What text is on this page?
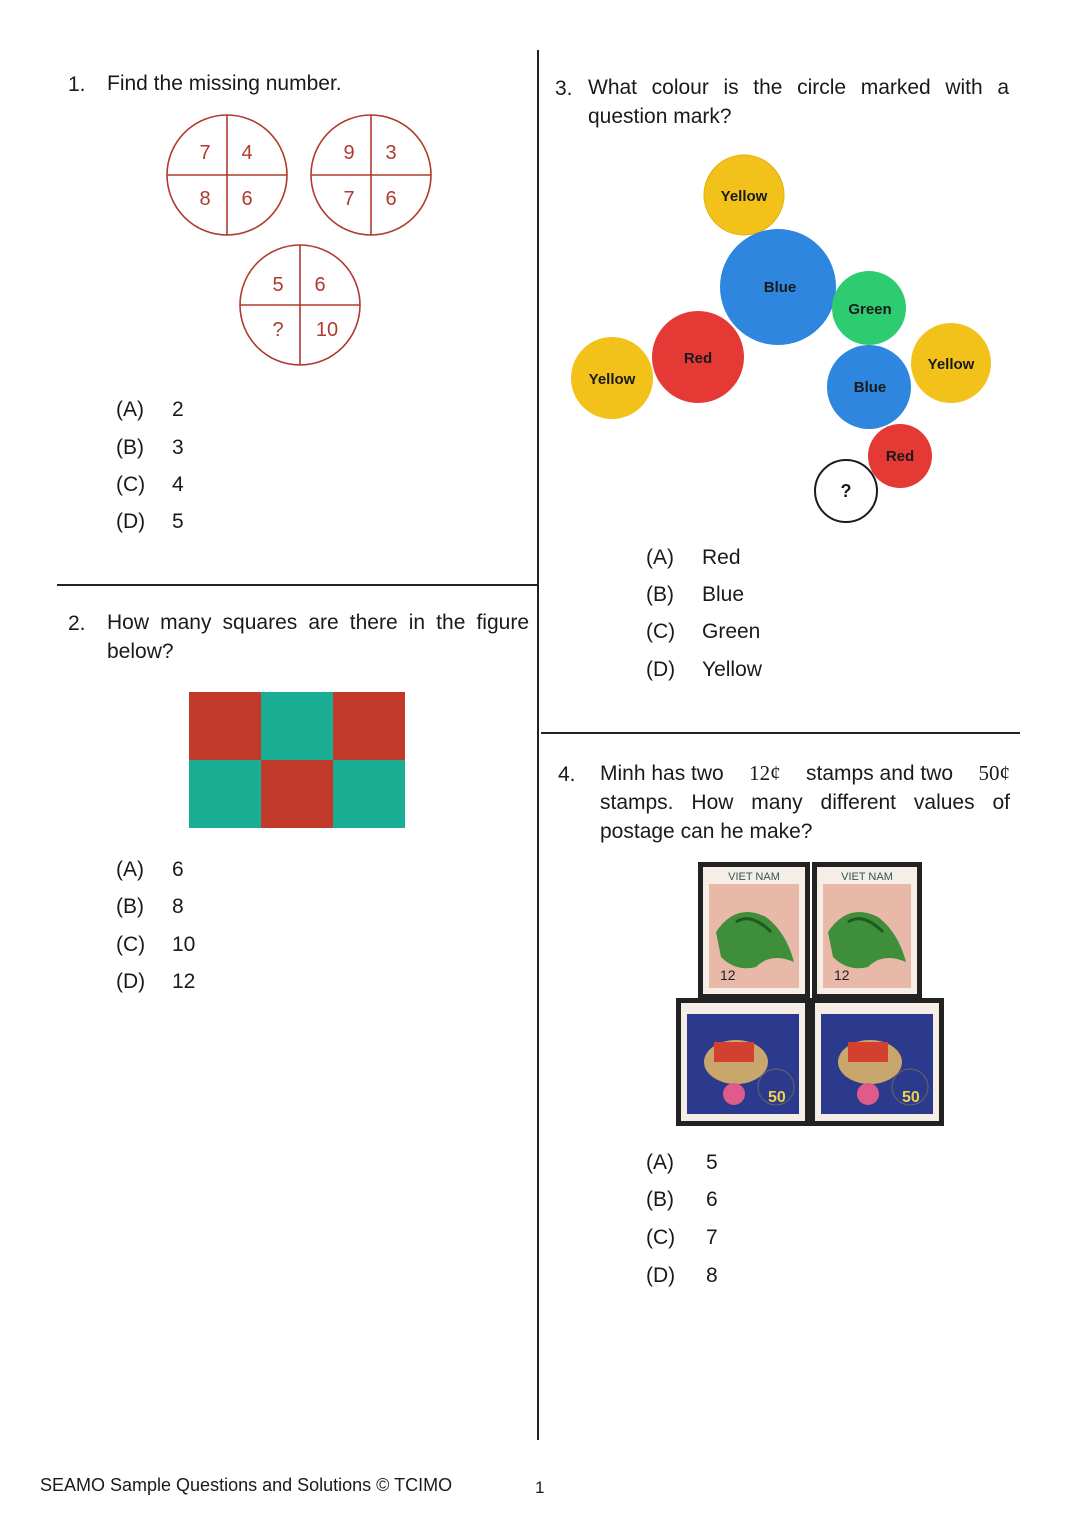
1. Find the missing number.
7 4
8 6
9 3
7 6
5 6
? 10
(A) 2
(B) 3
(C) 4
(D) 5
2. How many squares are there in the figure
below?
(A) 6
(B) 8
(C) 10
(D) 12
3. What colour is the circle marked with a
question mark?
Yellow
Blue
Green
Red
Yellow
Yellow
Blue
Red
?
(A) Red
(B) Blue
(C) Green
(D) Yellow
4. Minh has two 12¢ stamps and two 50¢
stamps. How many different values of
postage can he make?
VIET NAM
12
VIET NAM
12
50	50
(A) 5
(B) 6
(C) 7
(D) 8
SEAMO Sample Questions and Solutions © TCIMO	1
